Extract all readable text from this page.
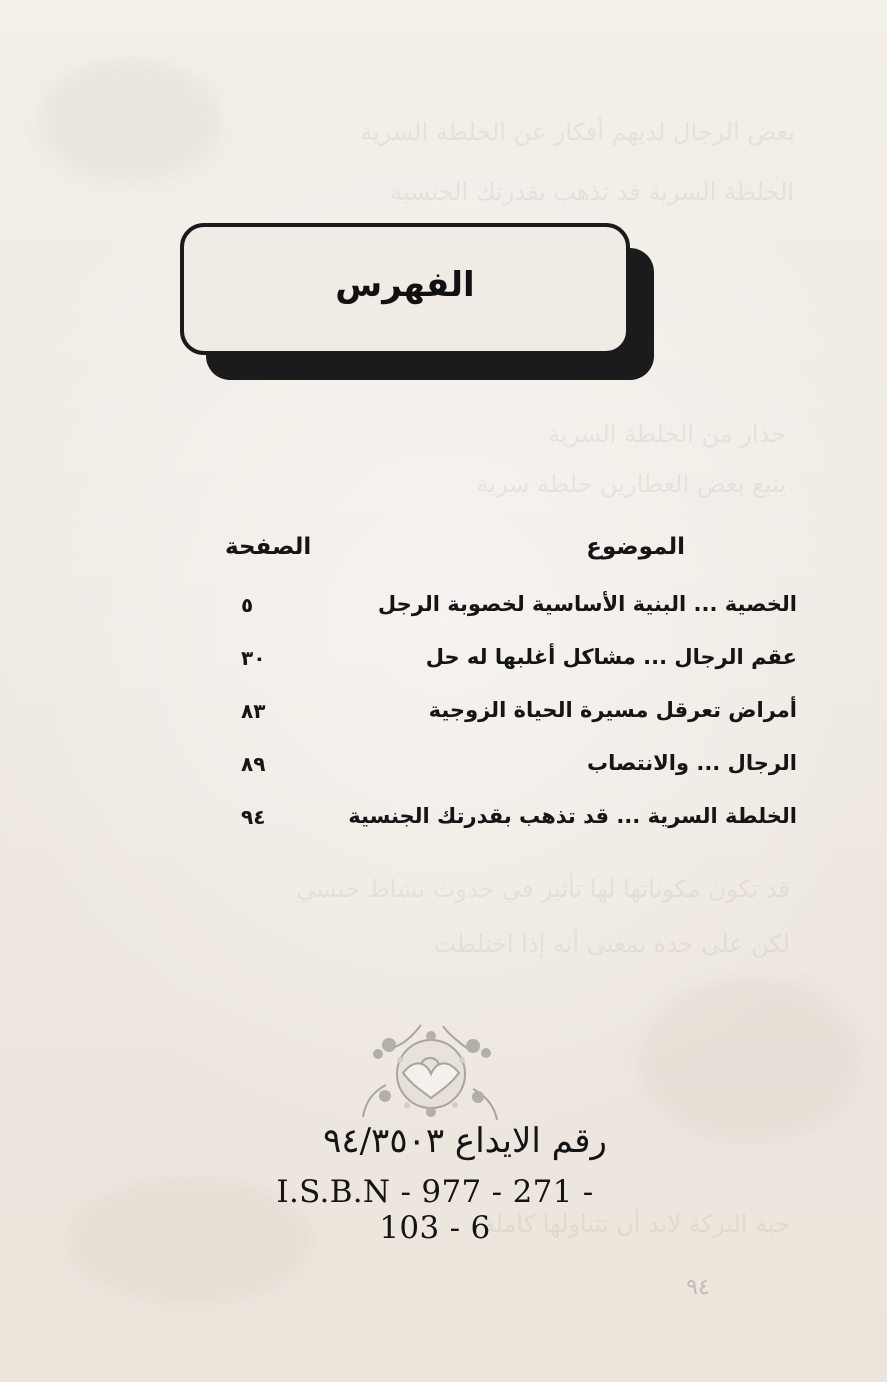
بعض الرجال لديهم أفكار عن الخلطة السرية
الخلطة السرية قد تذهب بقدرتك الجنسية
حذار من الخلطة السرية
يتبع بعض العطارين خلطة سرية
قد تكون مكوناتها لها تأثير في حدوث نشاط جنسي
لكن على حدة بمعنى أنه إذا اختلطت
حبة البركة لابد أن تتناولها كاملة
الفهرس
الموضوع
الصفحة
الخصية ... البنية الأساسية لخصوبة الرجل
٥
عقم الرجال ... مشاكل أغلبها له حل
٣٠
أمراض تعرقل مسيرة الحياة الزوجية
٨٣
الرجال ... والانتصاب
٨٩
الخلطة السرية ... قد تذهب بقدرتك الجنسية
٩٤
رقم الايداع ٩٤/٣٥٠٣
I.S.B.N - 977 - 271 - 103 - 6
٩٤
